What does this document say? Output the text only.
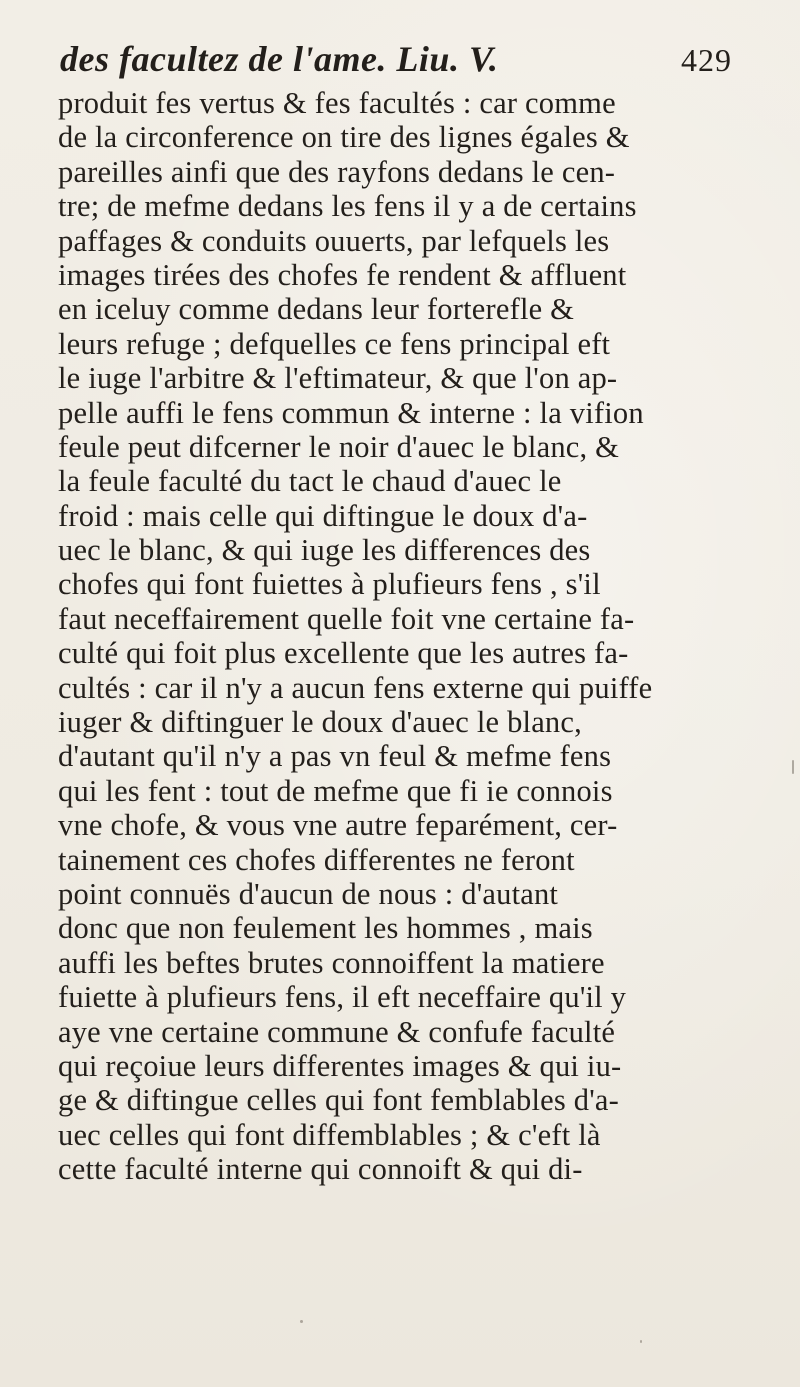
des facultez de l'ame. Liu. V.	429
produit fes vertus & fes facultés : car comme
de la circonference on tire des lignes égales &
pareilles ainfi que des rayfons dedans le cen-
tre; de mefme dedans les fens il y a de certains
paffages & conduits ouuerts, par lefquels les
images tirées des chofes fe rendent & affluent
en iceluy comme dedans leur forterefle &
leurs refuge ; defquelles ce fens principal eft
le iuge l'arbitre & l'eftimateur, & que l'on ap-
pelle auffi le fens commun & interne : la vifion
feule peut difcerner le noir d'auec le blanc, &
la feule faculté du tact le chaud d'auec le
froid : mais celle qui diftingue le doux d'a-
uec le blanc, & qui iuge les differences des
chofes qui font fuiettes à plufieurs fens , s'il
faut neceffairement quelle foit vne certaine fa-
culté qui foit plus excellente que les autres fa-
cultés : car il n'y a aucun fens externe qui puiffe
iuger & diftinguer le doux d'auec le blanc,
d'autant qu'il n'y a pas vn feul & mefme fens
qui les fent : tout de mefme que fi ie connois
vne chofe, & vous vne autre feparément, cer-
tainement ces chofes differentes ne feront
point connuës d'aucun de nous : d'autant
donc que non feulement les hommes , mais
auffi les beftes brutes connoiffent la matiere
fuiette à plufieurs fens, il eft neceffaire qu'il y
aye vne certaine commune & confufe faculté
qui reçoiue leurs differentes images & qui iu-
ge & diftingue celles qui font femblables d'a-
uec celles qui font diffemblables ; & c'eft là
cette faculté interne qui connoift & qui di-
